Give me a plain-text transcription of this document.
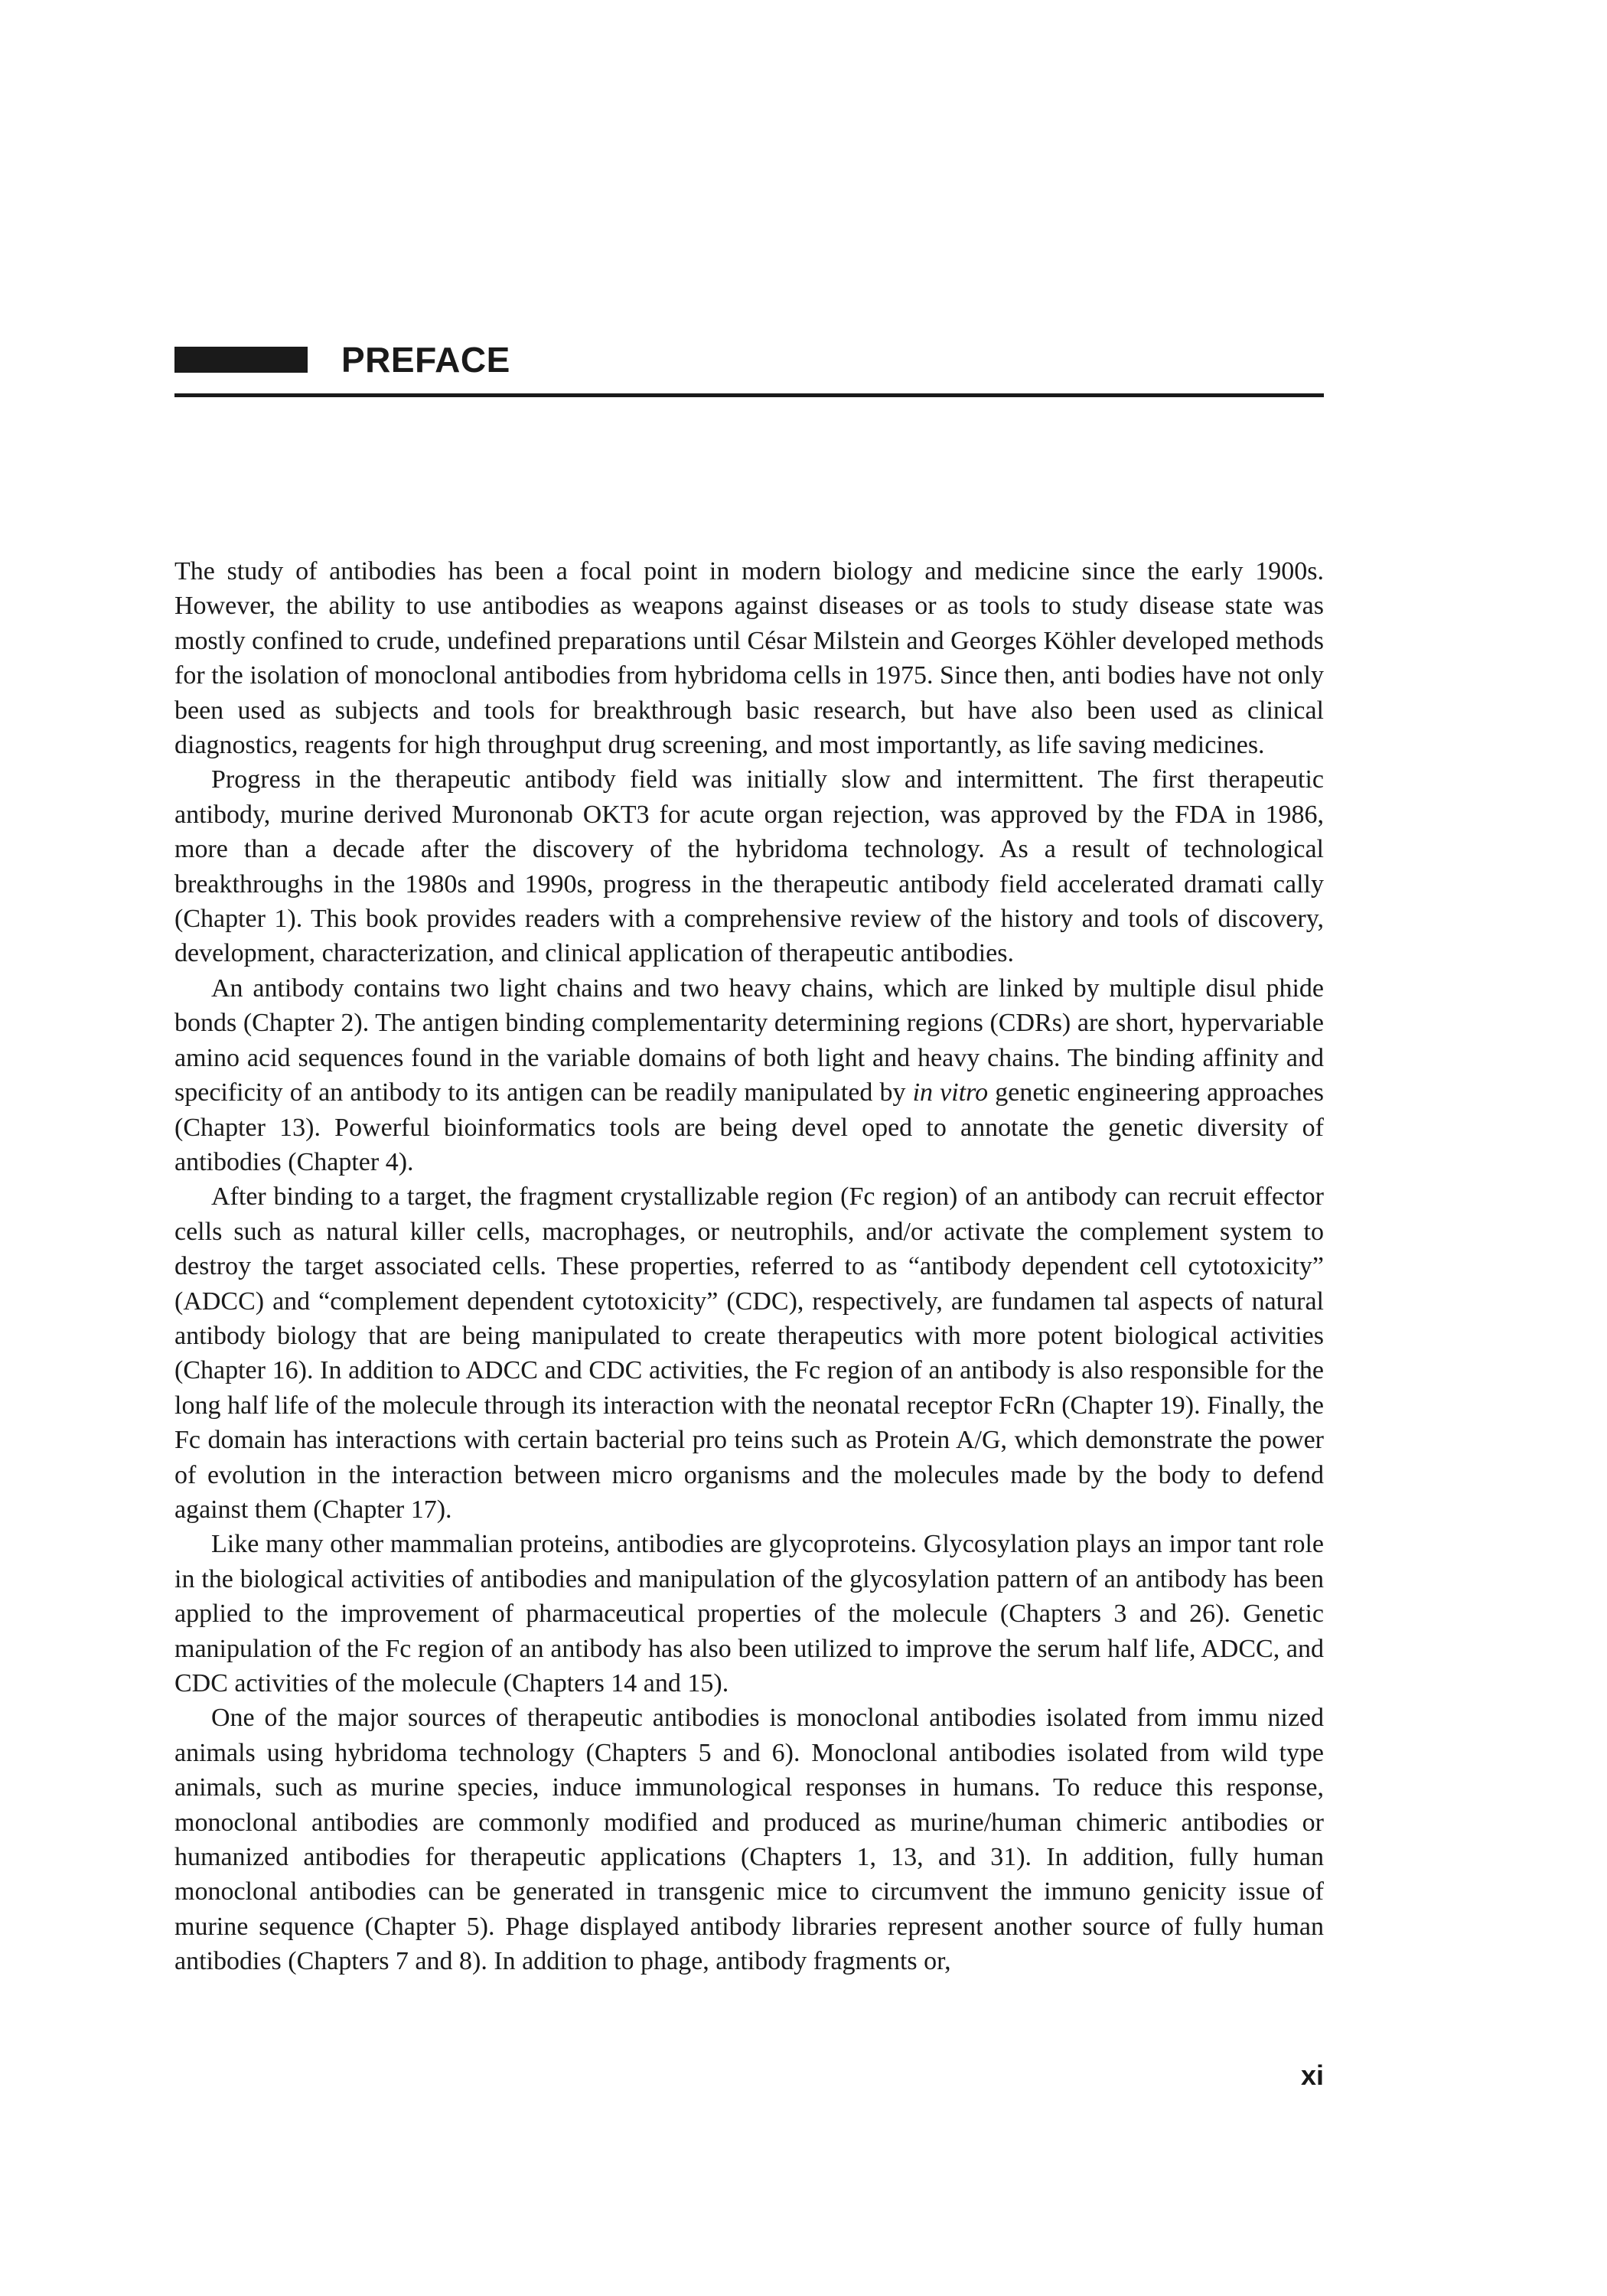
PREFACE

The study of antibodies has been a focal point in modern biology and medicine since the early 1900s. However, the ability to use antibodies as weapons against diseases or as tools to study disease state was mostly confined to crude, undefined preparations until César Milstein and Georges Köhler developed methods for the isolation of monoclonal antibodies from hybridoma cells in 1975. Since then, anti bodies have not only been used as subjects and tools for breakthrough basic research, but have also been used as clinical diagnostics, reagents for high throughput drug screening, and most importantly, as life saving medicines.

Progress in the therapeutic antibody field was initially slow and intermittent. The first therapeutic antibody, murine derived Murononab OKT3 for acute organ rejection, was approved by the FDA in 1986, more than a decade after the discovery of the hybridoma technology. As a result of technological breakthroughs in the 1980s and 1990s, progress in the therapeutic antibody field accelerated dramati cally (Chapter 1). This book provides readers with a comprehensive review of the history and tools of discovery, development, characterization, and clinical application of therapeutic antibodies.

An antibody contains two light chains and two heavy chains, which are linked by multiple disul phide bonds (Chapter 2). The antigen binding complementarity determining regions (CDRs) are short, hypervariable amino acid sequences found in the variable domains of both light and heavy chains. The binding affinity and specificity of an antibody to its antigen can be readily manipulated by in vitro genetic engineering approaches (Chapter 13). Powerful bioinformatics tools are being devel oped to annotate the genetic diversity of antibodies (Chapter 4).

After binding to a target, the fragment crystallizable region (Fc region) of an antibody can recruit effector cells such as natural killer cells, macrophages, or neutrophils, and/or activate the complement system to destroy the target associated cells. These properties, referred to as “antibody dependent cell cytotoxicity” (ADCC) and “complement dependent cytotoxicity” (CDC), respectively, are fundamen tal aspects of natural antibody biology that are being manipulated to create therapeutics with more potent biological activities (Chapter 16). In addition to ADCC and CDC activities, the Fc region of an antibody is also responsible for the long half life of the molecule through its interaction with the neonatal receptor FcRn (Chapter 19). Finally, the Fc domain has interactions with certain bacterial pro teins such as Protein A/G, which demonstrate the power of evolution in the interaction between micro organisms and the molecules made by the body to defend against them (Chapter 17).

Like many other mammalian proteins, antibodies are glycoproteins. Glycosylation plays an impor tant role in the biological activities of antibodies and manipulation of the glycosylation pattern of an antibody has been applied to the improvement of pharmaceutical properties of the molecule (Chapters 3 and 26). Genetic manipulation of the Fc region of an antibody has also been utilized to improve the serum half life, ADCC, and CDC activities of the molecule (Chapters 14 and 15).

One of the major sources of therapeutic antibodies is monoclonal antibodies isolated from immu nized animals using hybridoma technology (Chapters 5 and 6). Monoclonal antibodies isolated from wild type animals, such as murine species, induce immunological responses in humans. To reduce this response, monoclonal antibodies are commonly modified and produced as murine/human chimeric antibodies or humanized antibodies for therapeutic applications (Chapters 1, 13, and 31). In addition, fully human monoclonal antibodies can be generated in transgenic mice to circumvent the immuno genicity issue of murine sequence (Chapter 5). Phage displayed antibody libraries represent another source of fully human antibodies (Chapters 7 and 8). In addition to phage, antibody fragments or,

xi
